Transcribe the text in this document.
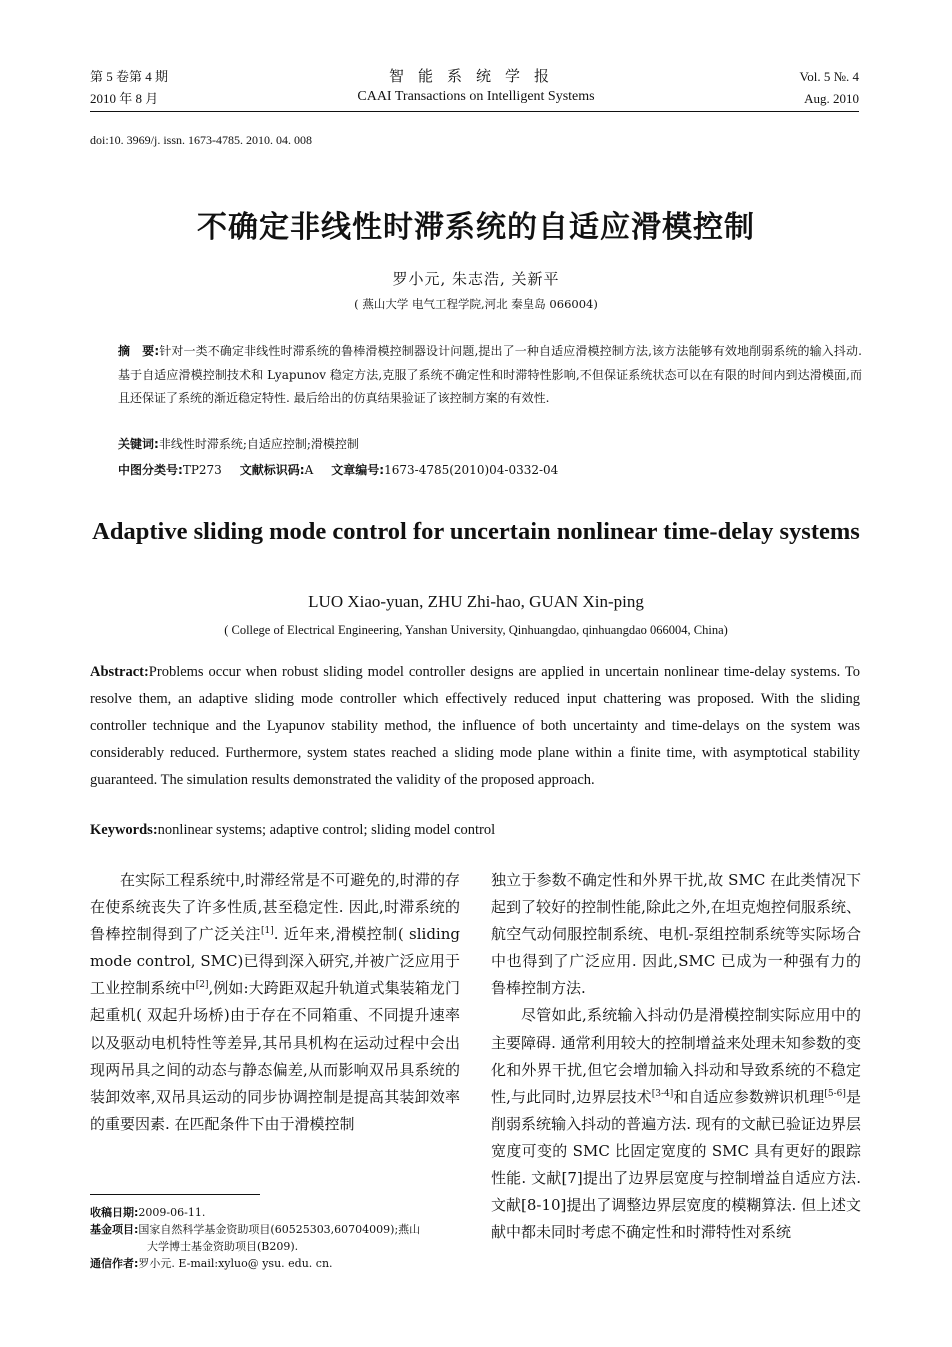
第 5 卷第 4 期
2010 年 8 月
智能系统学报
CAAI Transactions on Intelligent Systems
Vol. 5 №. 4
Aug. 2010
doi:10. 3969/j. issn. 1673-4785. 2010. 04. 008
不确定非线性时滞系统的自适应滑模控制
罗小元, 朱志浩, 关新平
( 燕山大学 电气工程学院,河北 秦皇岛 066004)
摘　要:针对一类不确定非线性时滞系统的鲁棒滑模控制器设计问题,提出了一种自适应滑模控制方法,该方法能够有效地削弱系统的输入抖动. 基于自适应滑模控制技术和 Lyapunov 稳定方法,克服了系统不确定性和时滞特性影响,不但保证系统状态可以在有限的时间内到达滑模面,而且还保证了系统的渐近稳定特性. 最后给出的仿真结果验证了该控制方案的有效性.
关键词:非线性时滞系统;自适应控制;滑模控制
中图分类号:TP273 文献标识码:A 文章编号:1673-4785(2010)04-0332-04
Adaptive sliding mode control for uncertain nonlinear time-delay systems
LUO Xiao-yuan, ZHU Zhi-hao, GUAN Xin-ping
( College of Electrical Engineering, Yanshan University, Qinhuangdao, qinhuangdao 066004, China)
Abstract:Problems occur when robust sliding model controller designs are applied in uncertain nonlinear time-delay systems. To resolve them, an adaptive sliding mode controller which effectively reduced input chattering was proposed. With the sliding controller technique and the Lyapunov stability method, the influence of both uncertainty and time-delays on the system was considerably reduced. Furthermore, system states reached a sliding mode plane within a finite time, with asymptotical stability guaranteed. The simulation results demonstrated the validity of the proposed approach.
Keywords:nonlinear systems; adaptive control; sliding model control

在实际工程系统中,时滞经常是不可避免的,时滞的存在使系统丧失了许多性质,甚至稳定性. 因此,时滞系统的鲁棒控制得到了广泛关注[1]. 近年来,滑模控制( sliding mode control, SMC)已得到深入研究,并被广泛应用于工业控制系统中[2],例如:大跨距双起升轨道式集装箱龙门起重机( 双起升场桥)由于存在不同箱重、不同提升速率以及驱动电机特性等差异,其吊具机构在运动过程中会出现两吊具之间的动态与静态偏差,从而影响双吊具系统的装卸效率,双吊具运动的同步协调控制是提高其装卸效率的重要因素. 在匹配条件下由于滑模控制

独立于参数不确定性和外界干扰,故 SMC 在此类情况下起到了较好的控制性能,除此之外,在坦克炮控伺服系统、航空气动伺服控制系统、电机-泵组控制系统等实际场合中也得到了广泛应用. 因此,SMC 已成为一种强有力的鲁棒控制方法.

尽管如此,系统输入抖动仍是滑模控制实际应用中的主要障碍. 通常利用较大的控制增益来处理未知参数的变化和外界干扰,但它会增加输入抖动和导致系统的不稳定性,与此同时,边界层技术[3-4]和自适应参数辨识机理[5-6]是削弱系统输入抖动的普遍方法. 现有的文献已验证边界层宽度可变的 SMC 比固定宽度的 SMC 具有更好的跟踪性能. 文献[7]提出了边界层宽度与控制增益自适应方法. 文献[8-10]提出了调整边界层宽度的模糊算法. 但上述文献中都未同时考虑不确定性和时滞特性对系统

收稿日期:2009-06-11.
基金项目:国家自然科学基金资助项目(60525303,60704009);燕山
大学博士基金资助项目(B209).
通信作者:罗小元. E-mail:xyluo@ ysu. edu. cn.
